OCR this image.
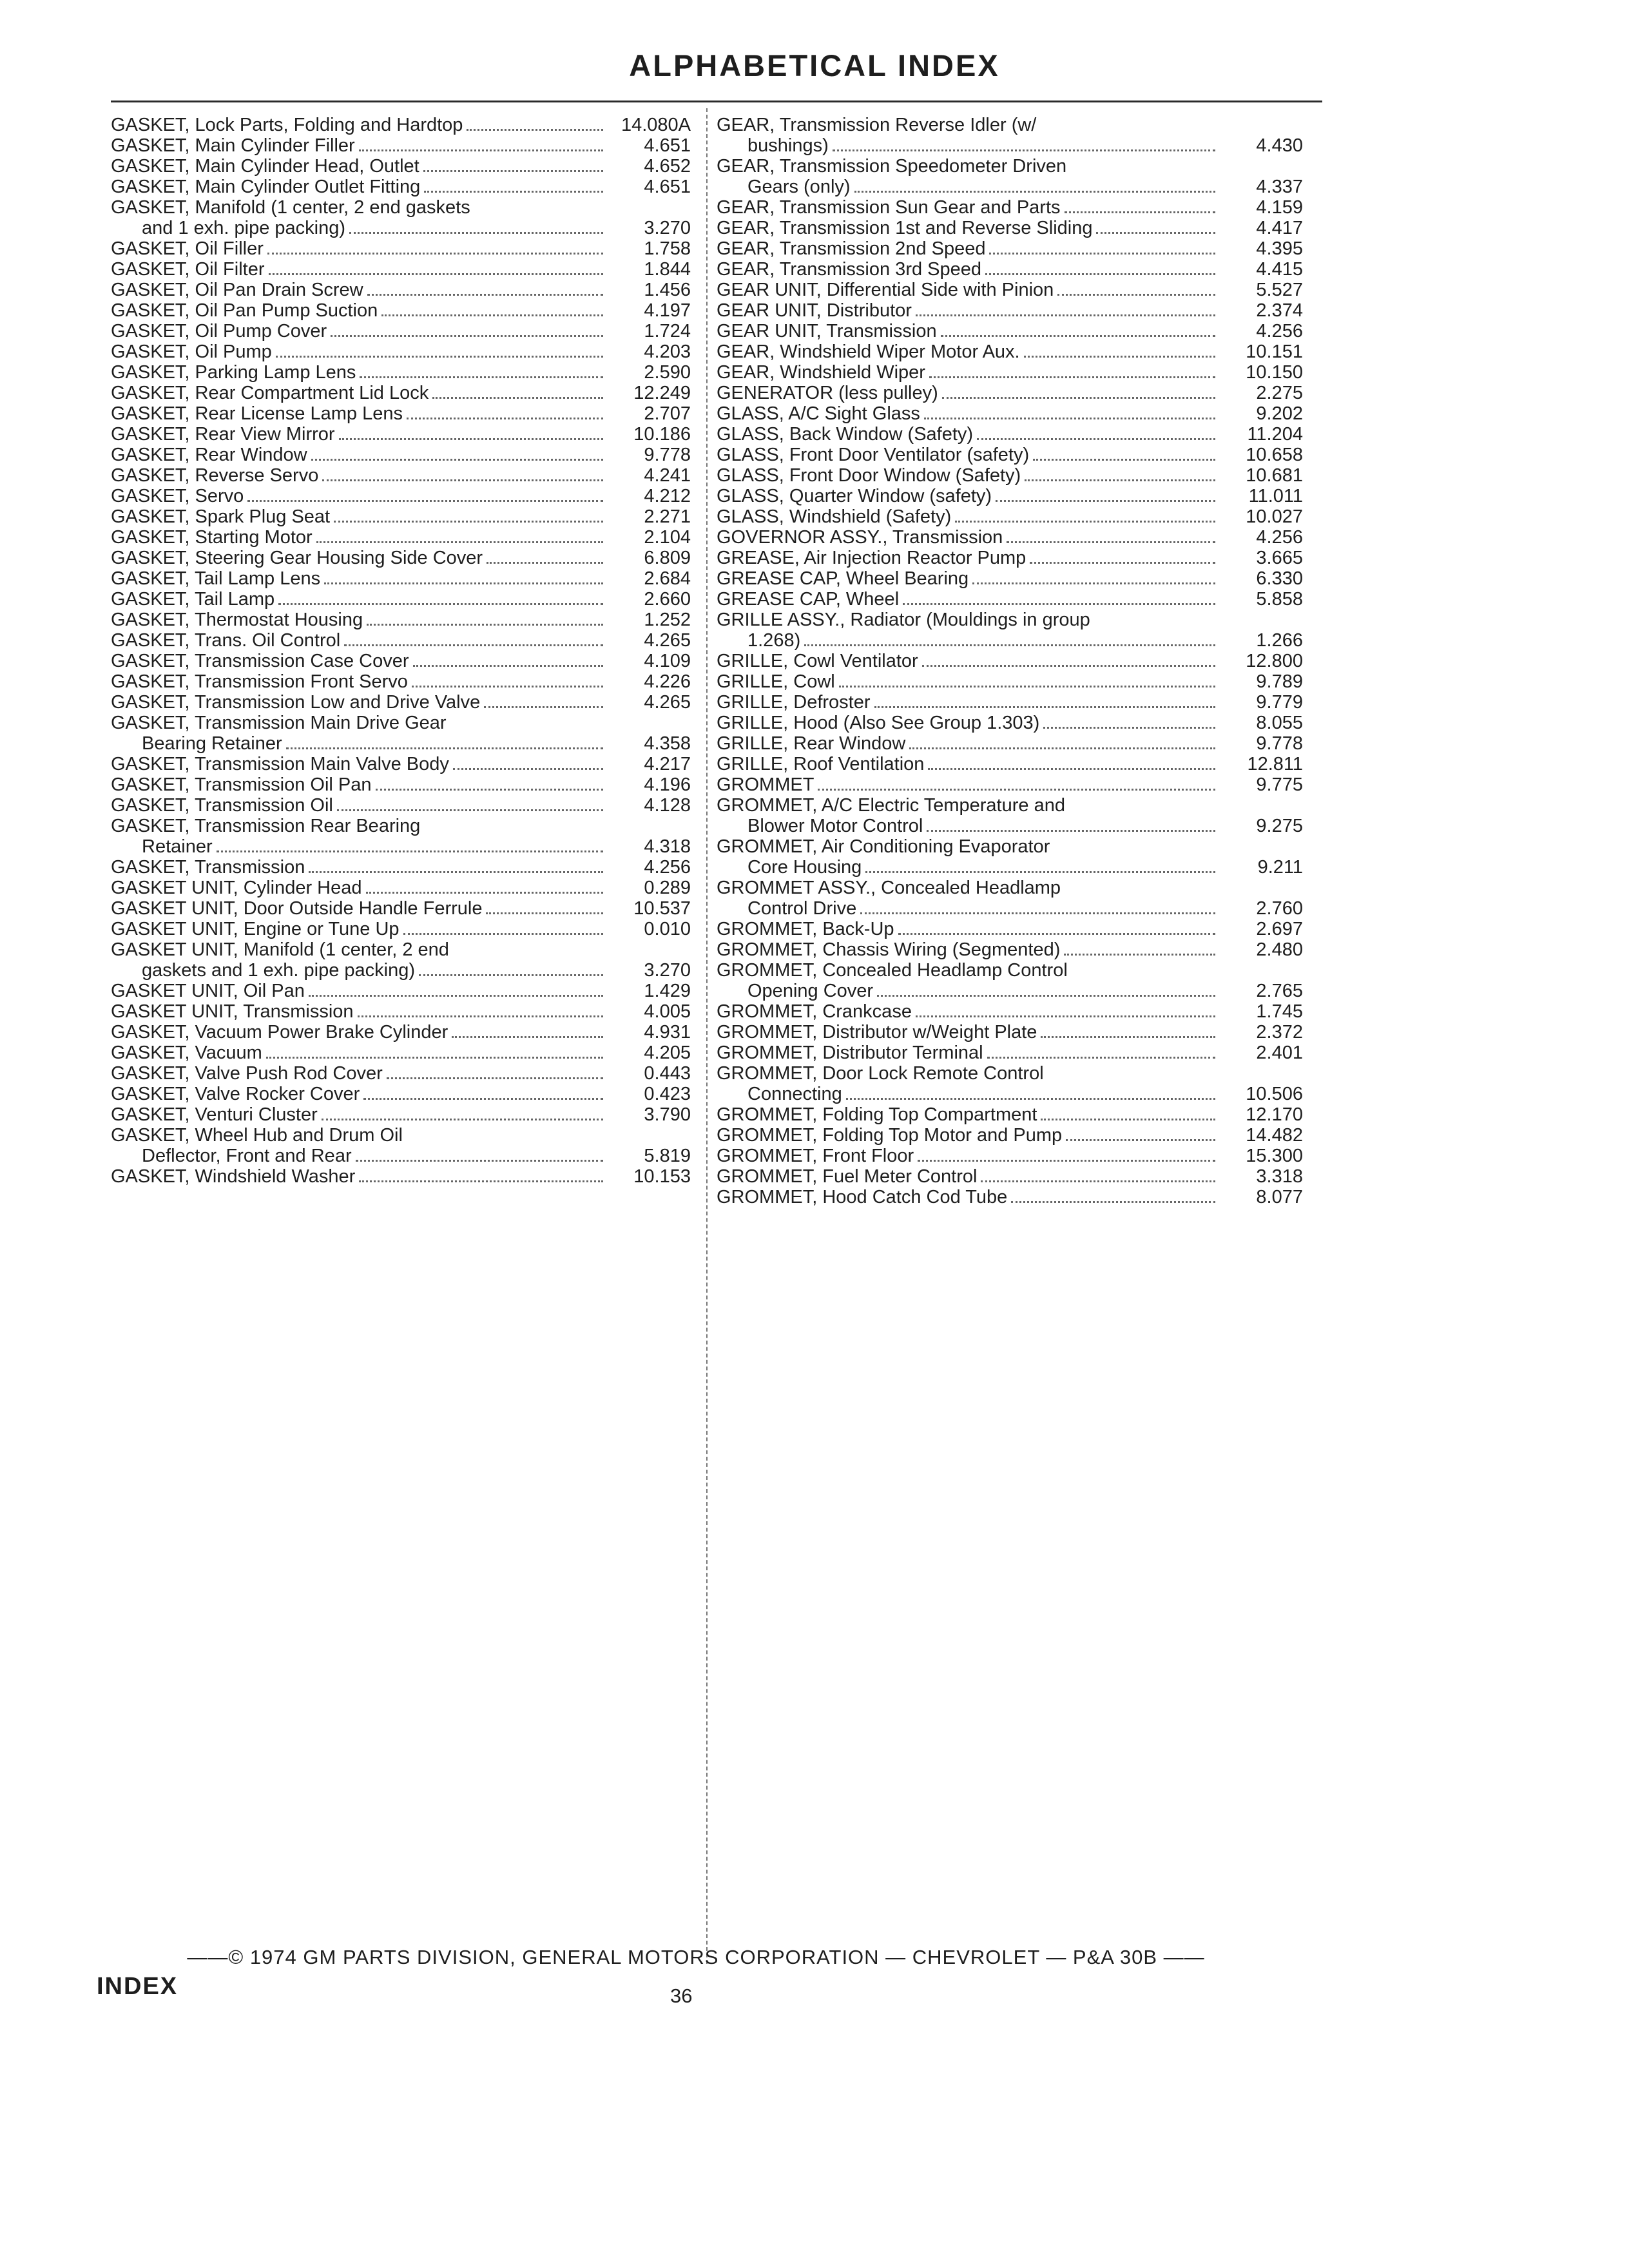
ALPHABETICAL INDEX
GASKET, Lock Parts, Folding and Hardtop	14.080A
GASKET, Main Cylinder Filler	4.651
GASKET, Main Cylinder Head, Outlet	4.652
GASKET, Main Cylinder Outlet Fitting	4.651
GASKET, Manifold (1 center, 2 end gaskets
and 1 exh. pipe packing)	3.270
GASKET, Oil Filler	1.758
GASKET, Oil Filter	1.844
GASKET, Oil Pan Drain Screw	1.456
GASKET, Oil Pan Pump Suction	4.197
GASKET, Oil Pump Cover	1.724
GASKET, Oil Pump	4.203
GASKET, Parking Lamp Lens	2.590
GASKET, Rear Compartment Lid Lock	12.249
GASKET, Rear License Lamp Lens	2.707
GASKET, Rear View Mirror	10.186
GASKET, Rear Window	9.778
GASKET, Reverse Servo	4.241
GASKET, Servo	4.212
GASKET, Spark Plug Seat	2.271
GASKET, Starting Motor	2.104
GASKET, Steering Gear Housing Side Cover	6.809
GASKET, Tail Lamp Lens	2.684
GASKET, Tail Lamp	2.660
GASKET, Thermostat Housing	1.252
GASKET, Trans. Oil Control	4.265
GASKET, Transmission Case Cover	4.109
GASKET, Transmission Front Servo	4.226
GASKET, Transmission Low and Drive Valve	4.265
GASKET, Transmission Main Drive Gear
Bearing Retainer	4.358
GASKET, Transmission Main Valve Body	4.217
GASKET, Transmission Oil Pan	4.196
GASKET, Transmission Oil	4.128
GASKET, Transmission Rear Bearing
Retainer	4.318
GASKET, Transmission	4.256
GASKET UNIT, Cylinder Head	0.289
GASKET UNIT, Door Outside Handle Ferrule	10.537
GASKET UNIT, Engine or Tune Up	0.010
GASKET UNIT, Manifold (1 center, 2 end
gaskets and 1 exh. pipe packing)	3.270
GASKET UNIT, Oil Pan	1.429
GASKET UNIT, Transmission	4.005
GASKET, Vacuum Power Brake Cylinder	4.931
GASKET, Vacuum	4.205
GASKET, Valve Push Rod Cover	0.443
GASKET, Valve Rocker Cover	0.423
GASKET, Venturi Cluster	3.790
GASKET, Wheel Hub and Drum Oil
Deflector, Front and Rear	5.819
GASKET, Windshield Washer	10.153
GEAR, Transmission Reverse Idler (w/
bushings)	4.430
GEAR, Transmission Speedometer Driven
Gears (only)	4.337
GEAR, Transmission Sun Gear and Parts	4.159
GEAR, Transmission 1st and Reverse Sliding	4.417
GEAR, Transmission 2nd Speed	4.395
GEAR, Transmission 3rd Speed	4.415
GEAR UNIT, Differential Side with Pinion	5.527
GEAR UNIT, Distributor	2.374
GEAR UNIT, Transmission	4.256
GEAR, Windshield Wiper Motor Aux.	10.151
GEAR, Windshield Wiper	10.150
GENERATOR (less pulley)	2.275
GLASS, A/C Sight Glass	9.202
GLASS, Back Window (Safety)	11.204
GLASS, Front Door Ventilator (safety)	10.658
GLASS, Front Door Window (Safety)	10.681
GLASS, Quarter Window (safety)	11.011
GLASS, Windshield (Safety)	10.027
GOVERNOR ASSY., Transmission	4.256
GREASE, Air Injection Reactor Pump	3.665
GREASE CAP, Wheel Bearing	6.330
GREASE CAP, Wheel	5.858
GRILLE ASSY., Radiator (Mouldings in group
1.268)	1.266
GRILLE, Cowl Ventilator	12.800
GRILLE, Cowl	9.789
GRILLE, Defroster	9.779
GRILLE, Hood (Also See Group 1.303)	8.055
GRILLE, Rear Window	9.778
GRILLE, Roof Ventilation	12.811
GROMMET	9.775
GROMMET, A/C Electric Temperature and
Blower Motor Control	9.275
GROMMET, Air Conditioning Evaporator
Core Housing	9.211
GROMMET ASSY., Concealed Headlamp
Control Drive	2.760
GROMMET, Back-Up	2.697
GROMMET, Chassis Wiring (Segmented)	2.480
GROMMET, Concealed Headlamp Control
Opening Cover	2.765
GROMMET, Crankcase	1.745
GROMMET, Distributor w/Weight Plate	2.372
GROMMET, Distributor Terminal	2.401
GROMMET, Door Lock Remote Control
Connecting	10.506
GROMMET, Folding Top Compartment	12.170
GROMMET, Folding Top Motor and Pump	14.482
GROMMET, Front Floor	15.300
GROMMET, Fuel Meter Control	3.318
GROMMET, Hood Catch Cod Tube	8.077
——© 1974 GM PARTS DIVISION, GENERAL MOTORS CORPORATION — CHEVROLET — P&A 30B ——
INDEX	36
